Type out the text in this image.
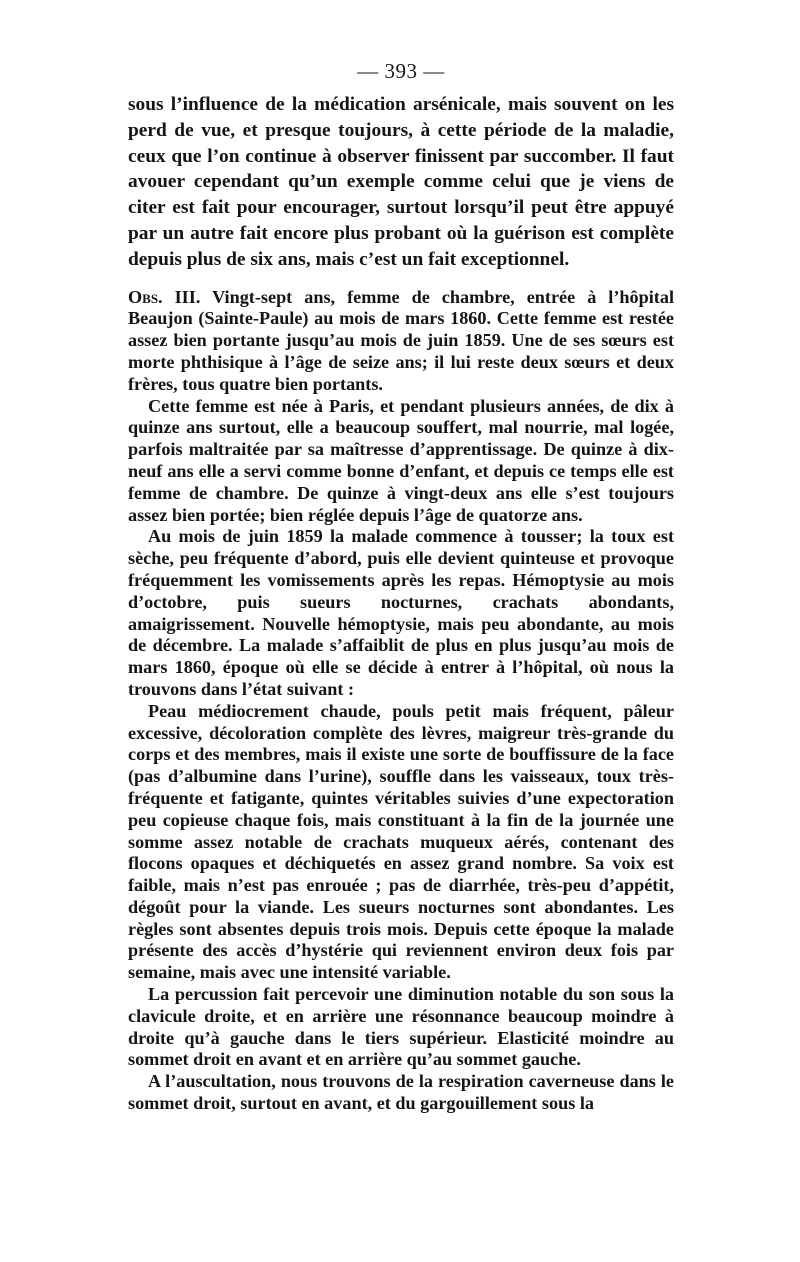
— 393 —

sous l’influence de la médication arsénicale, mais souvent on les perd de vue, et presque toujours, à cette période de la maladie, ceux que l’on continue à observer finissent par succomber. Il faut avouer cependant qu’un exemple comme celui que je viens de citer est fait pour encourager, surtout lorsqu’il peut être appuyé par un autre fait encore plus probant où la guérison est complète depuis plus de six ans, mais c’est un fait exceptionnel.

Obs. III. Vingt-sept ans, femme de chambre, entrée à l’hôpital Beaujon (Sainte-Paule) au mois de mars 1860. Cette femme est restée assez bien portante jusqu’au mois de juin 1859. Une de ses sœurs est morte phthisique à l’âge de seize ans; il lui reste deux sœurs et deux frères, tous quatre bien portants.

Cette femme est née à Paris, et pendant plusieurs années, de dix à quinze ans surtout, elle a beaucoup souffert, mal nourrie, mal logée, parfois maltraitée par sa maîtresse d’apprentissage. De quinze à dix-neuf ans elle a servi comme bonne d’enfant, et depuis ce temps elle est femme de chambre. De quinze à vingt-deux ans elle s’est toujours assez bien portée; bien réglée depuis l’âge de quatorze ans.

Au mois de juin 1859 la malade commence à tousser; la toux est sèche, peu fréquente d’abord, puis elle devient quinteuse et provoque fréquemment les vomissements après les repas. Hémoptysie au mois d’octobre, puis sueurs nocturnes, crachats abondants, amaigrissement. Nouvelle hémoptysie, mais peu abondante, au mois de décembre. La malade s’affaiblit de plus en plus jusqu’au mois de mars 1860, époque où elle se décide à entrer à l’hôpital, où nous la trouvons dans l’état suivant :

Peau médiocrement chaude, pouls petit mais fréquent, pâleur excessive, décoloration complète des lèvres, maigreur très-grande du corps et des membres, mais il existe une sorte de bouffissure de la face (pas d’albumine dans l’urine), souffle dans les vaisseaux, toux très-fréquente et fatigante, quintes véritables suivies d’une expectoration peu copieuse chaque fois, mais constituant à la fin de la journée une somme assez notable de crachats muqueux aérés, contenant des flocons opaques et déchiquetés en assez grand nombre. Sa voix est faible, mais n’est pas enrouée ; pas de diarrhée, très-peu d’appétit, dégoût pour la viande. Les sueurs nocturnes sont abondantes. Les règles sont absentes depuis trois mois. Depuis cette époque la malade présente des accès d’hystérie qui reviennent environ deux fois par semaine, mais avec une intensité variable.

La percussion fait percevoir une diminution notable du son sous la clavicule droite, et en arrière une résonnance beaucoup moindre à droite qu’à gauche dans le tiers supérieur. Elasticité moindre au sommet droit en avant et en arrière qu’au sommet gauche.

A l’auscultation, nous trouvons de la respiration caverneuse dans le sommet droit, surtout en avant, et du gargouillement sous la
